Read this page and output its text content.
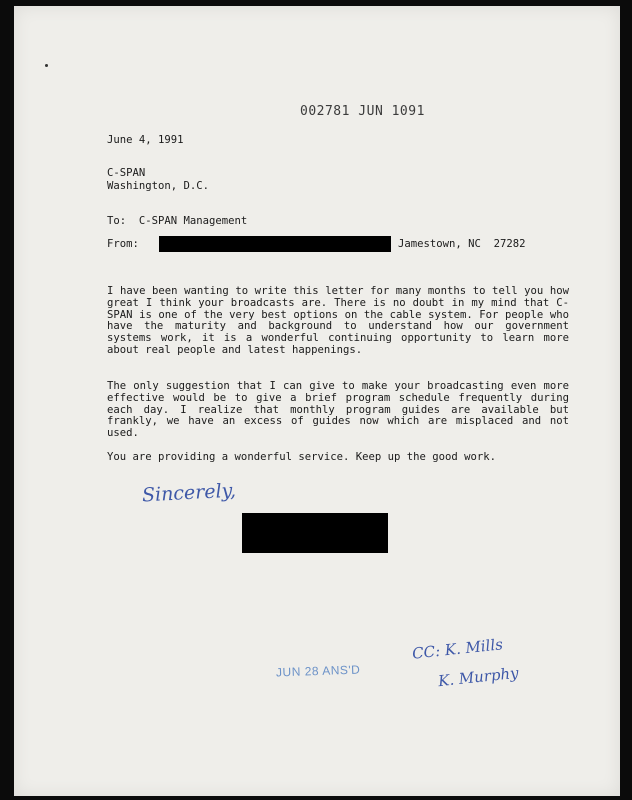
002781 JUN 1091
June 4, 1991
C-SPAN
Washington, D.C.
To:  C-SPAN Management
From:	Jamestown, NC  27282
I have been wanting to write this letter for many months to tell you how great I think your broadcasts are. There is no doubt in my mind that C-SPAN is one of the very best options on the cable system. For people who have the maturity and background to understand how our government systems work, it is a wonderful continuing opportunity to learn more about real people and latest happenings.
The only suggestion that I can give to make your broadcasting even more effective would be to give a brief program schedule frequently during each day. I realize that monthly program guides are available but frankly, we have an excess of guides now which are misplaced and not used.
You are providing a wonderful service. Keep up the good work.
Sincerely,
JUN 28 ANS'D
CC: K. Mills
K. Murphy
